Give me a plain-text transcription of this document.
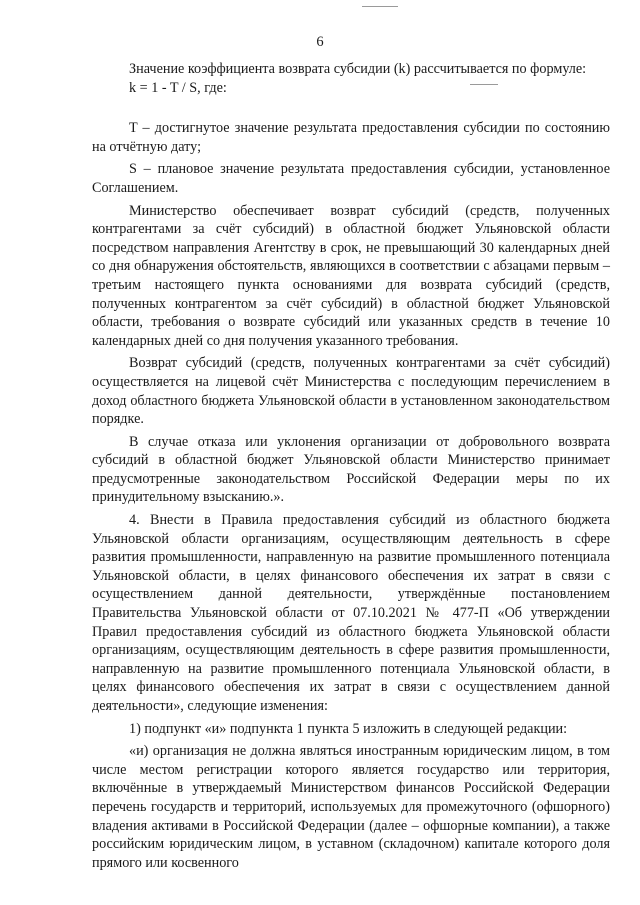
6

Значение коэффициента возврата субсидии (k) рассчитывается по формуле:

k = 1 - T / S, где:

T – достигнутое значение результата предоставления субсидии по состоянию на отчётную дату;

S – плановое значение результата предоставления субсидии, установленное Соглашением.

Министерство обеспечивает возврат субсидий (средств, полученных контрагентами за счёт субсидий) в областной бюджет Ульяновской области посредством направления Агентству в срок, не превышающий 30 календарных дней со дня обнаружения обстоятельств, являющихся в соответствии с абзацами первым – третьим настоящего пункта основаниями для возврата субсидий (средств, полученных контрагентом за счёт субсидий) в областной бюджет Ульяновской области, требования о возврате субсидий или указанных средств в течение 10 календарных дней со дня получения указанного требования.

Возврат субсидий (средств, полученных контрагентами за счёт субсидий) осуществляется на лицевой счёт Министерства с последующим перечислением в доход областного бюджета Ульяновской области в установленном законодательством порядке.

В случае отказа или уклонения организации от добровольного возврата субсидий в областной бюджет Ульяновской области Министерство принимает предусмотренные законодательством Российской Федерации меры по их принудительному взысканию.».

4. Внести в Правила предоставления субсидий из областного бюджета Ульяновской области организациям, осуществляющим деятельность в сфере развития промышленности, направленную на развитие промышленного потенциала Ульяновской области, в целях финансового обеспечения их затрат в связи с осуществлением данной деятельности, утверждённые постановлением Правительства Ульяновской области от 07.10.2021 № 477-П «Об утверждении Правил предоставления субсидий из областного бюджета Ульяновской области организациям, осуществляющим деятельность в сфере развития промышленности, направленную на развитие промышленного потенциала Ульяновской области, в целях финансового обеспечения их затрат в связи с осуществлением данной деятельности», следующие изменения:

1) подпункт «и» подпункта 1 пункта 5 изложить в следующей редакции:

«и) организация не должна являться иностранным юридическим лицом, в том числе местом регистрации которого является государство или территория, включённые в утверждаемый Министерством финансов Российской Федерации перечень государств и территорий, используемых для промежуточного (офшорного) владения активами в Российской Федерации (далее – офшорные компании), а также российским юридическим лицом, в уставном (складочном) капитале которого доля прямого или косвенного
